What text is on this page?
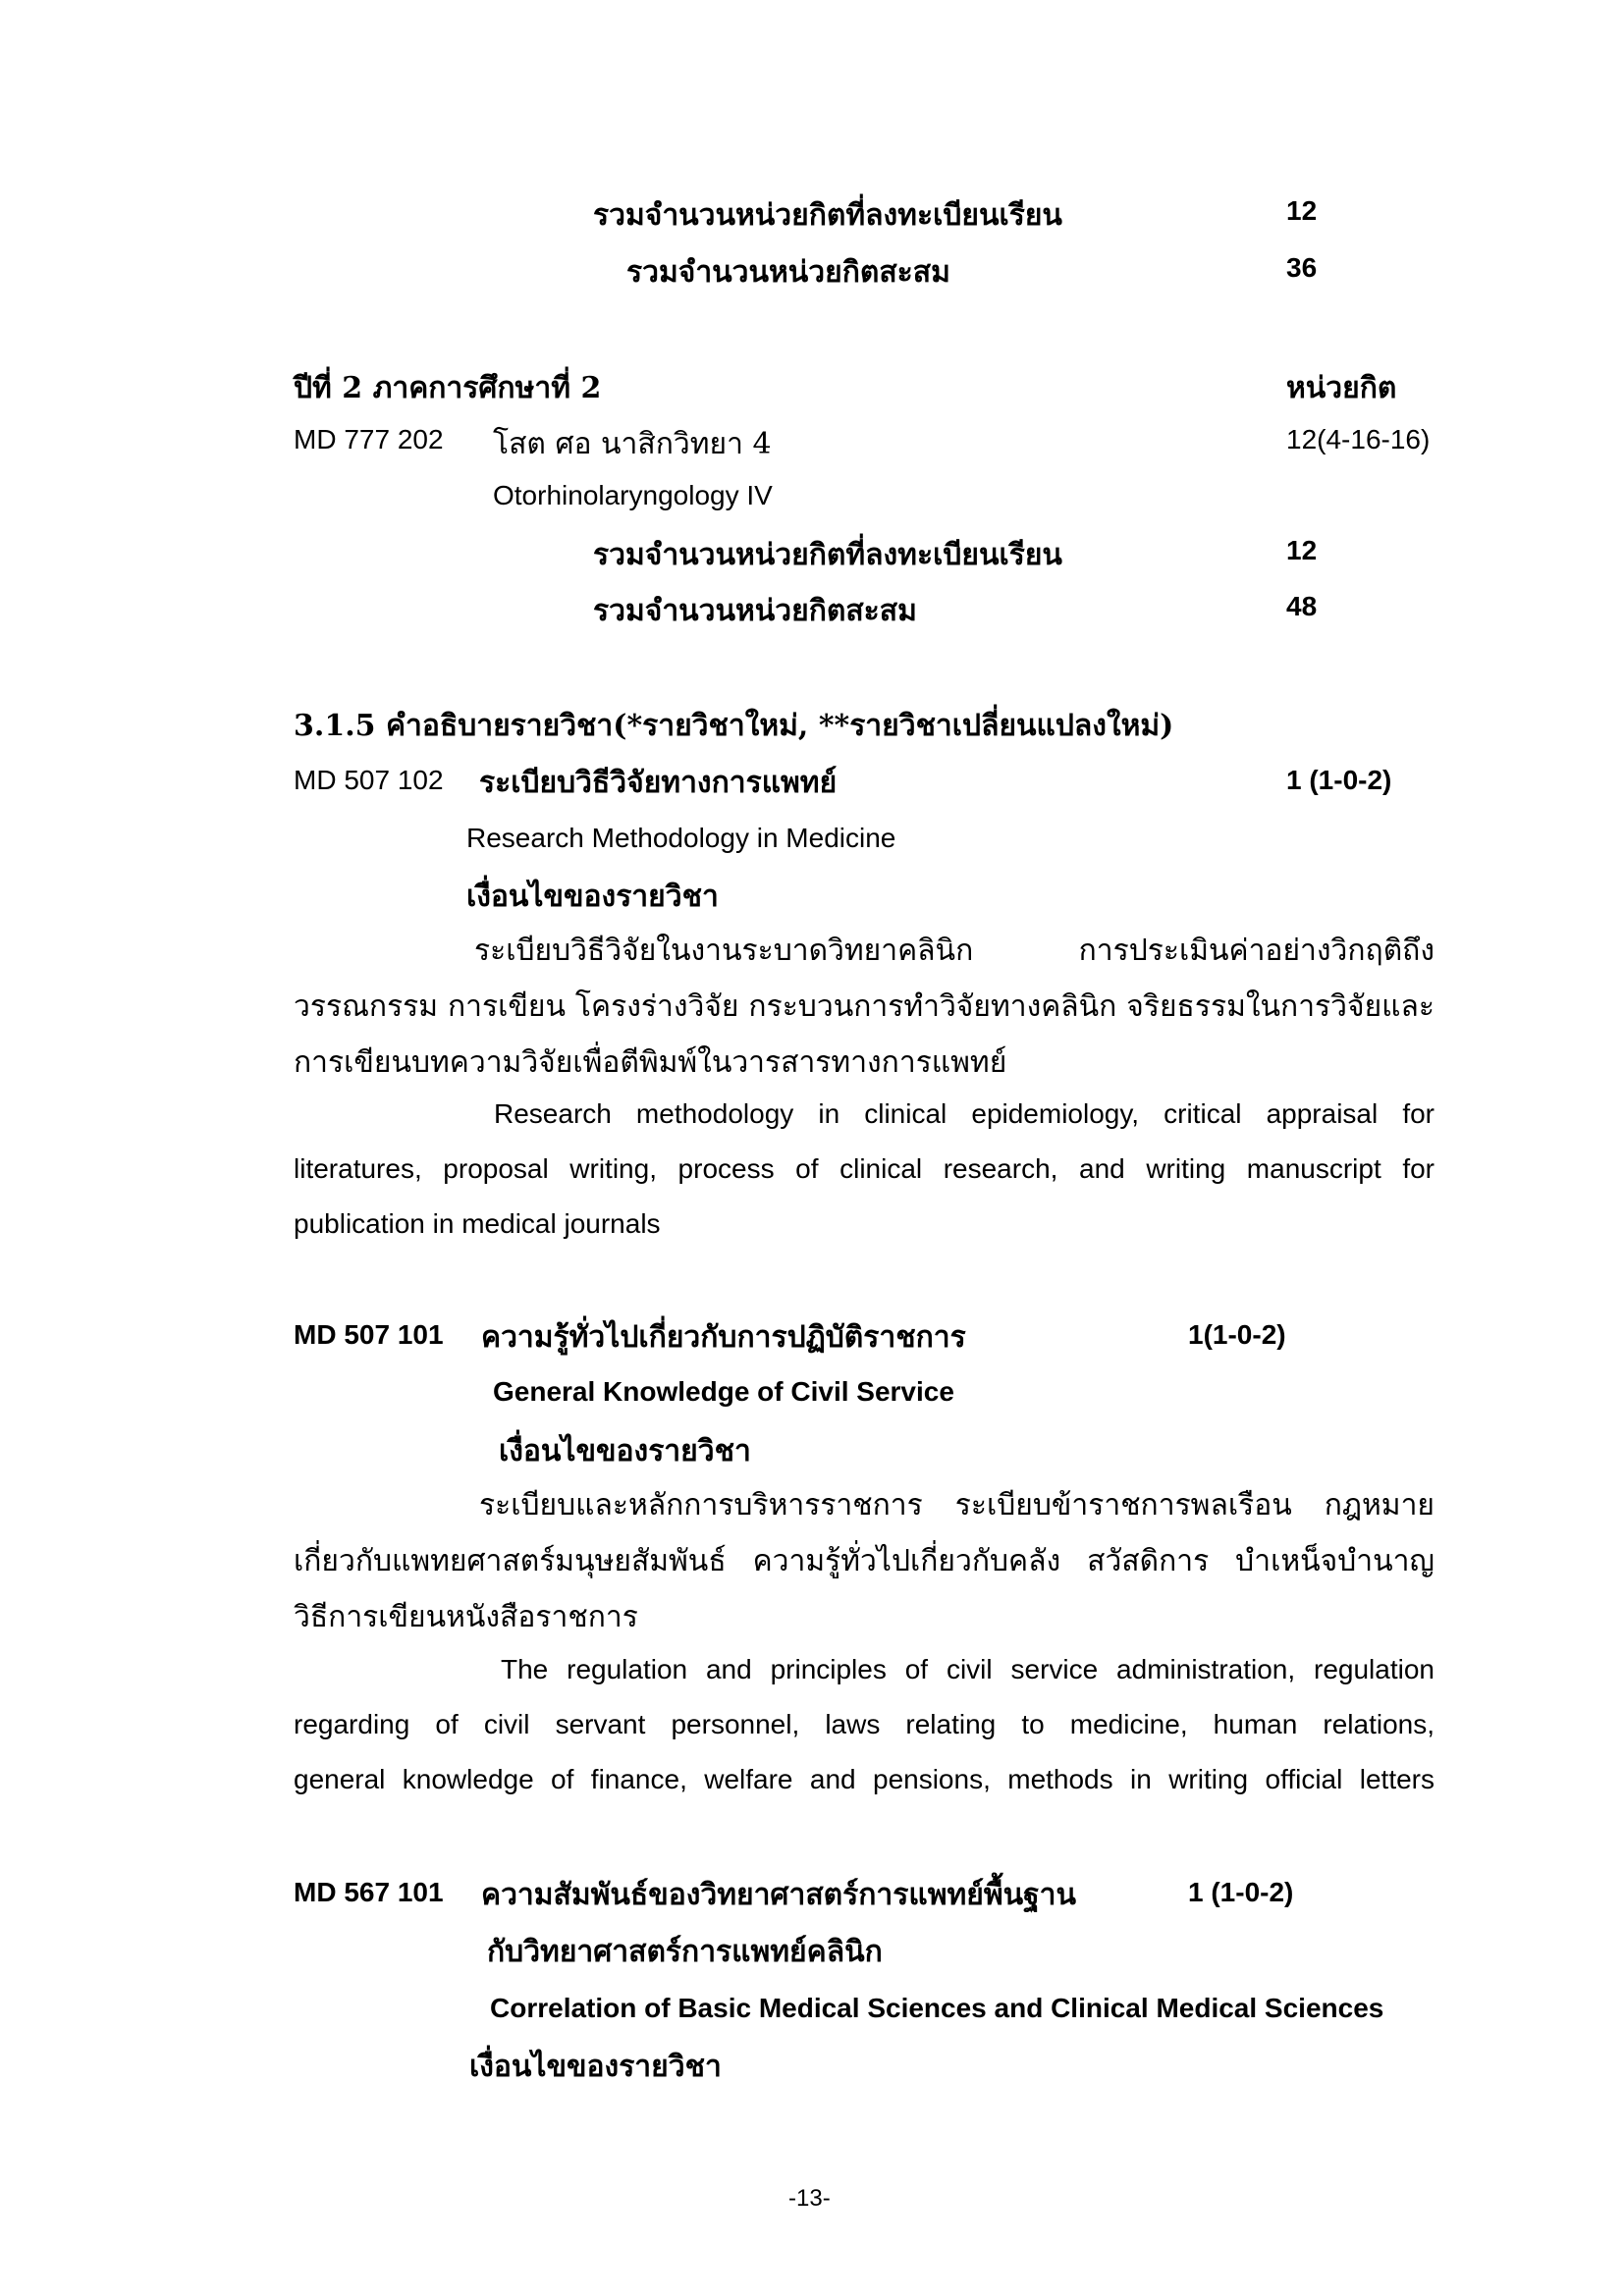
รวมจำนวนหน่วยกิตที่ลงทะเบียนเรียน	12
รวมจำนวนหน่วยกิตสะสม	36
ปีที่ 2 ภาคการศึกษาที่ 2	หน่วยกิต
MD 777 202 โสต ศอ นาสิกวิทยา 4	12(4-16-16)
Otorhinolaryngology IV
รวมจำนวนหน่วยกิตที่ลงทะเบียนเรียน	12
รวมจำนวนหน่วยกิตสะสม	48
3.1.5 คำอธิบายรายวิชา(*รายวิชาใหม่, **รายวิชาเปลี่ยนแปลงใหม่)
MD 507 102 ระเบียบวิธีวิจัยทางการแพทย์	1 (1-0-2)
Research Methodology in Medicine
เงื่อนไขของรายวิชา
ระเบียบวิธีวิจัยในงานระบาดวิทยาคลินิก การประเมินค่าอย่างวิกฤติถึง
วรรณกรรม การเขียน โครงร่างวิจัย กระบวนการทำวิจัยทางคลินิก จริยธรรมในการวิจัยและ
การเขียนบทความวิจัยเพื่อตีพิมพ์ในวารสารทางการแพทย์
Research methodology in clinical epidemiology, critical appraisal for
literatures, proposal writing, process of clinical research, and writing manuscript for
publication in medical journals
MD 507 101 ความรู้ทั่วไปเกี่ยวกับการปฏิบัติราชการ	1(1-0-2)
General Knowledge of Civil Service
เงื่อนไขของรายวิชา
ระเบียบและหลักการบริหารราชการ ระเบียบข้าราชการพลเรือน กฎหมาย
เกี่ยวกับแพทยศาสตร์มนุษยสัมพันธ์ ความรู้ทั่วไปเกี่ยวกับคลัง สวัสดิการ บำเหน็จบำนาญ
วิธีการเขียนหนังสือราชการ
The regulation and principles of civil service administration, regulation
regarding of civil servant personnel, laws relating to medicine, human relations,
general knowledge of finance, welfare and pensions, methods in writing official letters
MD 567 101 ความสัมพันธ์ของวิทยาศาสตร์การแพทย์พื้นฐาน	1 (1-0-2)
กับวิทยาศาสตร์การแพทย์คลินิก
Correlation of Basic Medical Sciences and Clinical Medical Sciences
เงื่อนไขของรายวิชา
-13-
